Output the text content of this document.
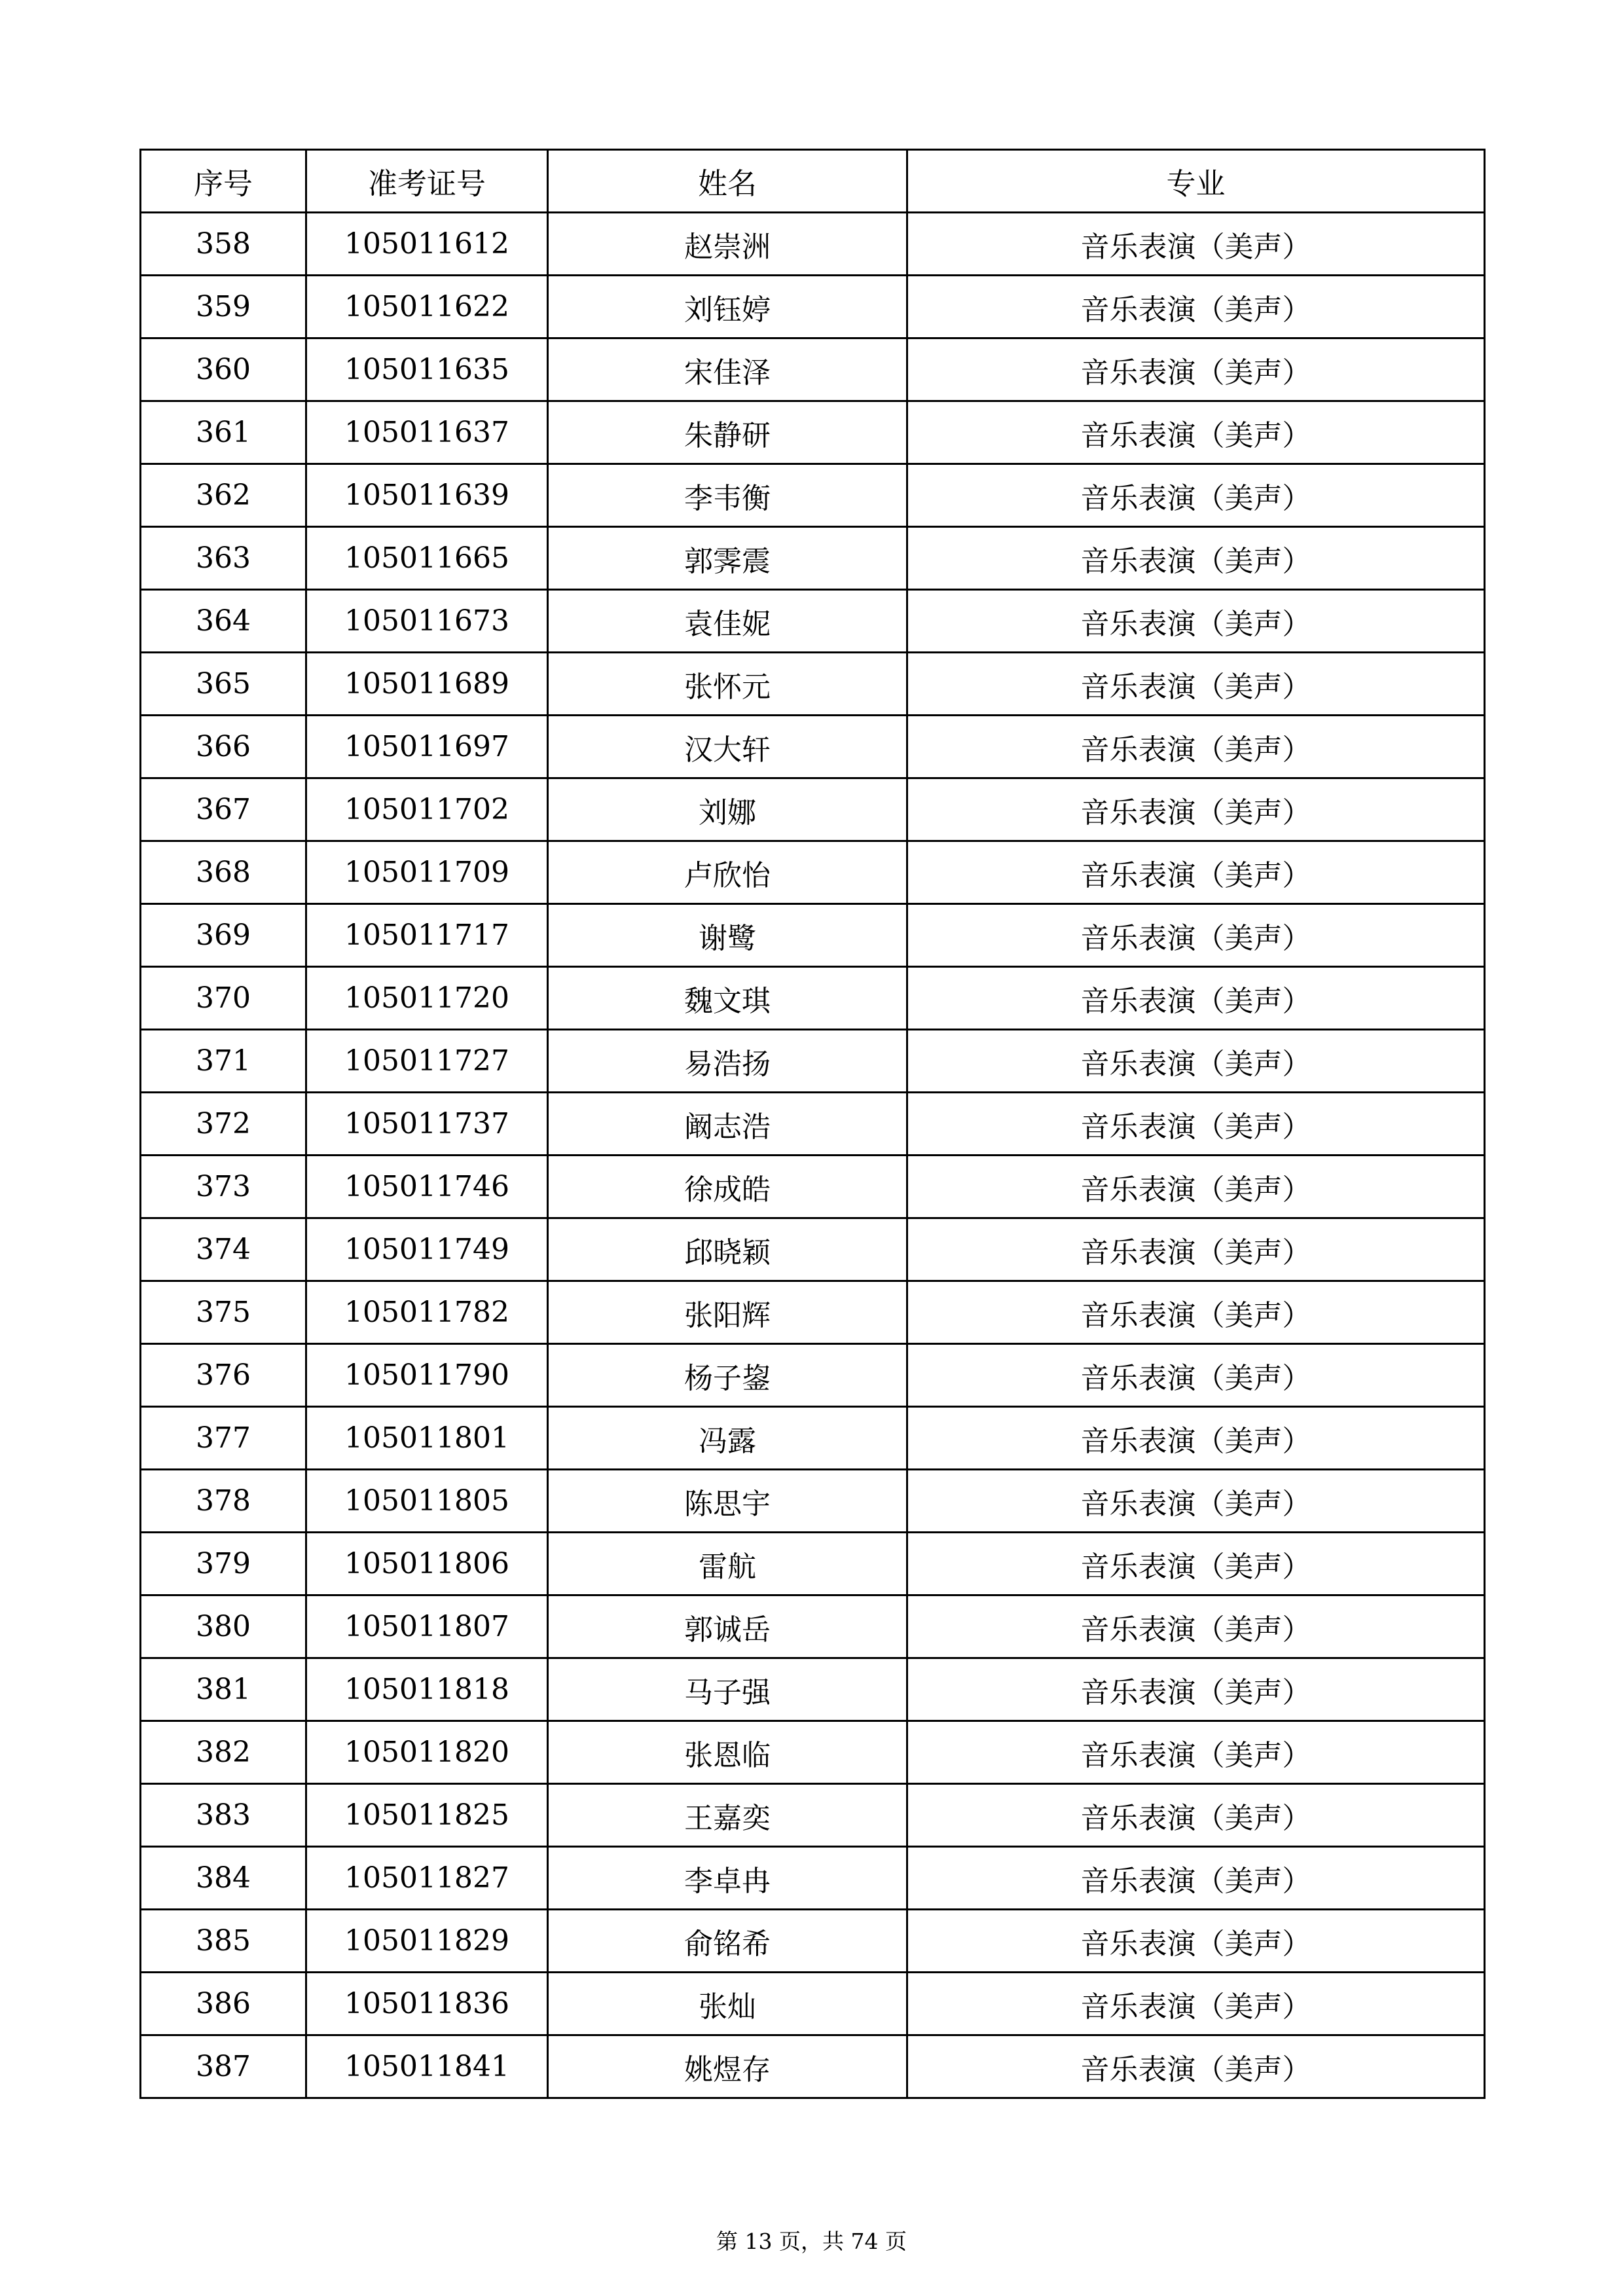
序号	准考证号	姓名	专业
358	105011612	赵崇洲	音乐表演（美声）
359	105011622	刘钰婷	音乐表演（美声）
360	105011635	宋佳泽	音乐表演（美声）
361	105011637	朱静研	音乐表演（美声）
362	105011639	李韦衡	音乐表演（美声）
363	105011665	郭霁震	音乐表演（美声）
364	105011673	袁佳妮	音乐表演（美声）
365	105011689	张怀元	音乐表演（美声）
366	105011697	汉大轩	音乐表演（美声）
367	105011702	刘娜	音乐表演（美声）
368	105011709	卢欣怡	音乐表演（美声）
369	105011717	谢鹭	音乐表演（美声）
370	105011720	魏文琪	音乐表演（美声）
371	105011727	易浩扬	音乐表演（美声）
372	105011737	阚志浩	音乐表演（美声）
373	105011746	徐成皓	音乐表演（美声）
374	105011749	邱晓颖	音乐表演（美声）
375	105011782	张阳辉	音乐表演（美声）
376	105011790	杨子鋆	音乐表演（美声）
377	105011801	冯露	音乐表演（美声）
378	105011805	陈思宇	音乐表演（美声）
379	105011806	雷航	音乐表演（美声）
380	105011807	郭诚岳	音乐表演（美声）
381	105011818	马子强	音乐表演（美声）
382	105011820	张恩临	音乐表演（美声）
383	105011825	王嘉奕	音乐表演（美声）
384	105011827	李卓冉	音乐表演（美声）
385	105011829	俞铭希	音乐表演（美声）
386	105011836	张灿	音乐表演（美声）
387	105011841	姚煜存	音乐表演（美声）
第 13 页，共 74 页
